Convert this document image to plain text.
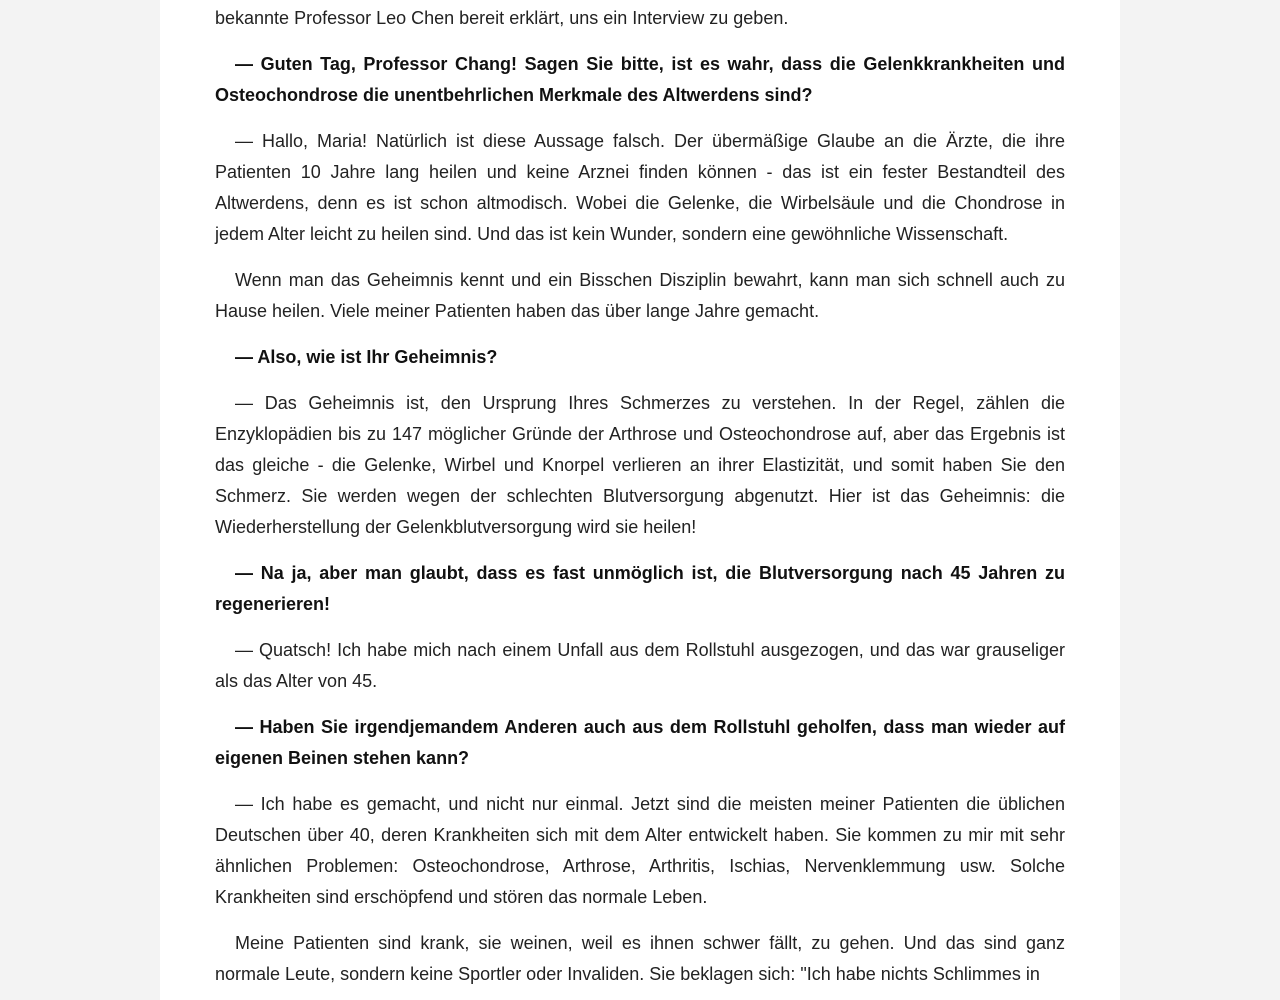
bekannte Professor Leo Chen bereit erklärt, uns ein Interview zu geben.

— Guten Tag, Professor Chang! Sagen Sie bitte, ist es wahr, dass die Gelenkkrankheiten und Osteochondrose die unentbehrlichen Merkmale des Altwerdens sind?

— Hallo, Maria! Natürlich ist diese Aussage falsch. Der übermäßige Glaube an die Ärzte, die ihre Patienten 10 Jahre lang heilen und keine Arznei finden können - das ist ein fester Bestandteil des Altwerdens, denn es ist schon altmodisch. Wobei die Gelenke, die Wirbelsäule und die Chondrose in jedem Alter leicht zu heilen sind. Und das ist kein Wunder, sondern eine gewöhnliche Wissenschaft.

Wenn man das Geheimnis kennt und ein Bisschen Disziplin bewahrt, kann man sich schnell auch zu Hause heilen. Viele meiner Patienten haben das über lange Jahre gemacht.

— Also, wie ist Ihr Geheimnis?

— Das Geheimnis ist, den Ursprung Ihres Schmerzes zu verstehen. In der Regel, zählen die Enzyklopädien bis zu 147 möglicher Gründe der Arthrose und Osteochondrose auf, aber das Ergebnis ist das gleiche - die Gelenke, Wirbel und Knorpel verlieren an ihrer Elastizität, und somit haben Sie den Schmerz. Sie werden wegen der schlechten Blutversorgung abgenutzt. Hier ist das Geheimnis: die Wiederherstellung der Gelenkblutversorgung wird sie heilen!

— Na ja, aber man glaubt, dass es fast unmöglich ist, die Blutversorgung nach 45 Jahren zu regenerieren!

— Quatsch! Ich habe mich nach einem Unfall aus dem Rollstuhl ausgezogen, und das war grauseliger als das Alter von 45.

— Haben Sie irgendjemandem Anderen auch aus dem Rollstuhl geholfen, dass man wieder auf eigenen Beinen stehen kann?

— Ich habe es gemacht, und nicht nur einmal. Jetzt sind die meisten meiner Patienten die üblichen Deutschen über 40, deren Krankheiten sich mit dem Alter entwickelt haben. Sie kommen zu mir mit sehr ähnlichen Problemen: Osteochondrose, Arthrose, Arthritis, Ischias, Nervenklemmung usw. Solche Krankheiten sind erschöpfend und stören das normale Leben.

Meine Patienten sind krank, sie weinen, weil es ihnen schwer fällt, zu gehen. Und das sind ganz normale Leute, sondern keine Sportler oder Invaliden. Sie beklagen sich: "Ich habe nichts Schlimmes in
